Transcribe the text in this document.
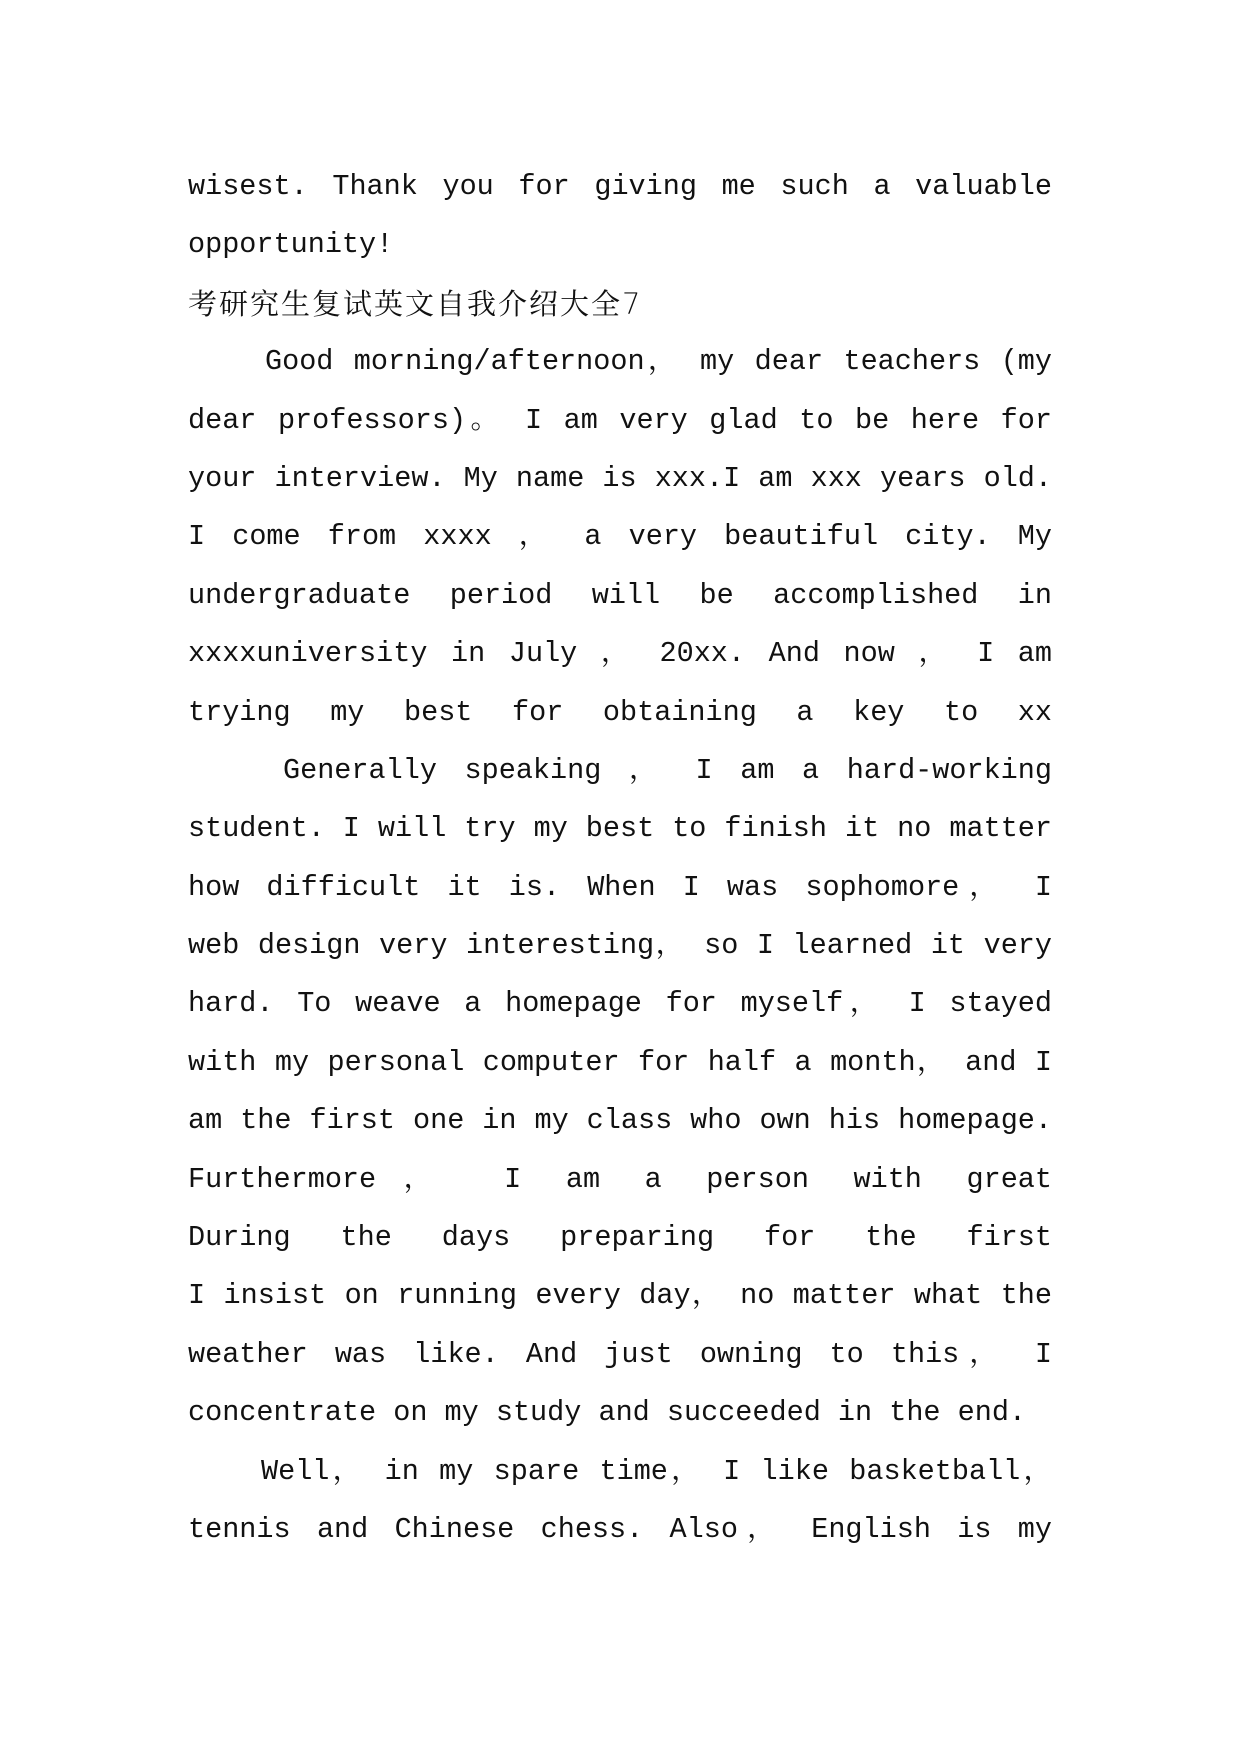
wisest. Thank you for giving me such a valuable
opportunity!
考研究生复试英文自我介绍大全7
Good morning/afternoon， my dear teachers (my
dear professors)。 I am very glad to be here for
your interview. My name is xxx.I am xxx years old.
I come from xxxx ， a very beautiful city. My
undergraduate period will be accomplished in
xxxxuniversity in July ， 20xx. And now ， I am
trying my best for obtaining a key to xx
Generally speaking ， I am a hard-working
student. I will try my best to finish it no matter
how difficult it is. When I was sophomore， I
web design very interesting， so I learned it very
hard. To weave a homepage for myself， I stayed
with my personal computer for half a month， and I
am the first one in my class who own his homepage.
Furthermore， I am a person with great
During the days preparing for the first
I insist on running every day， no matter what the
weather was like. And just owning to this， I
concentrate on my study and succeeded in the end.
Well， in my spare time， I like basketball，
tennis and Chinese chess. Also， English is my
